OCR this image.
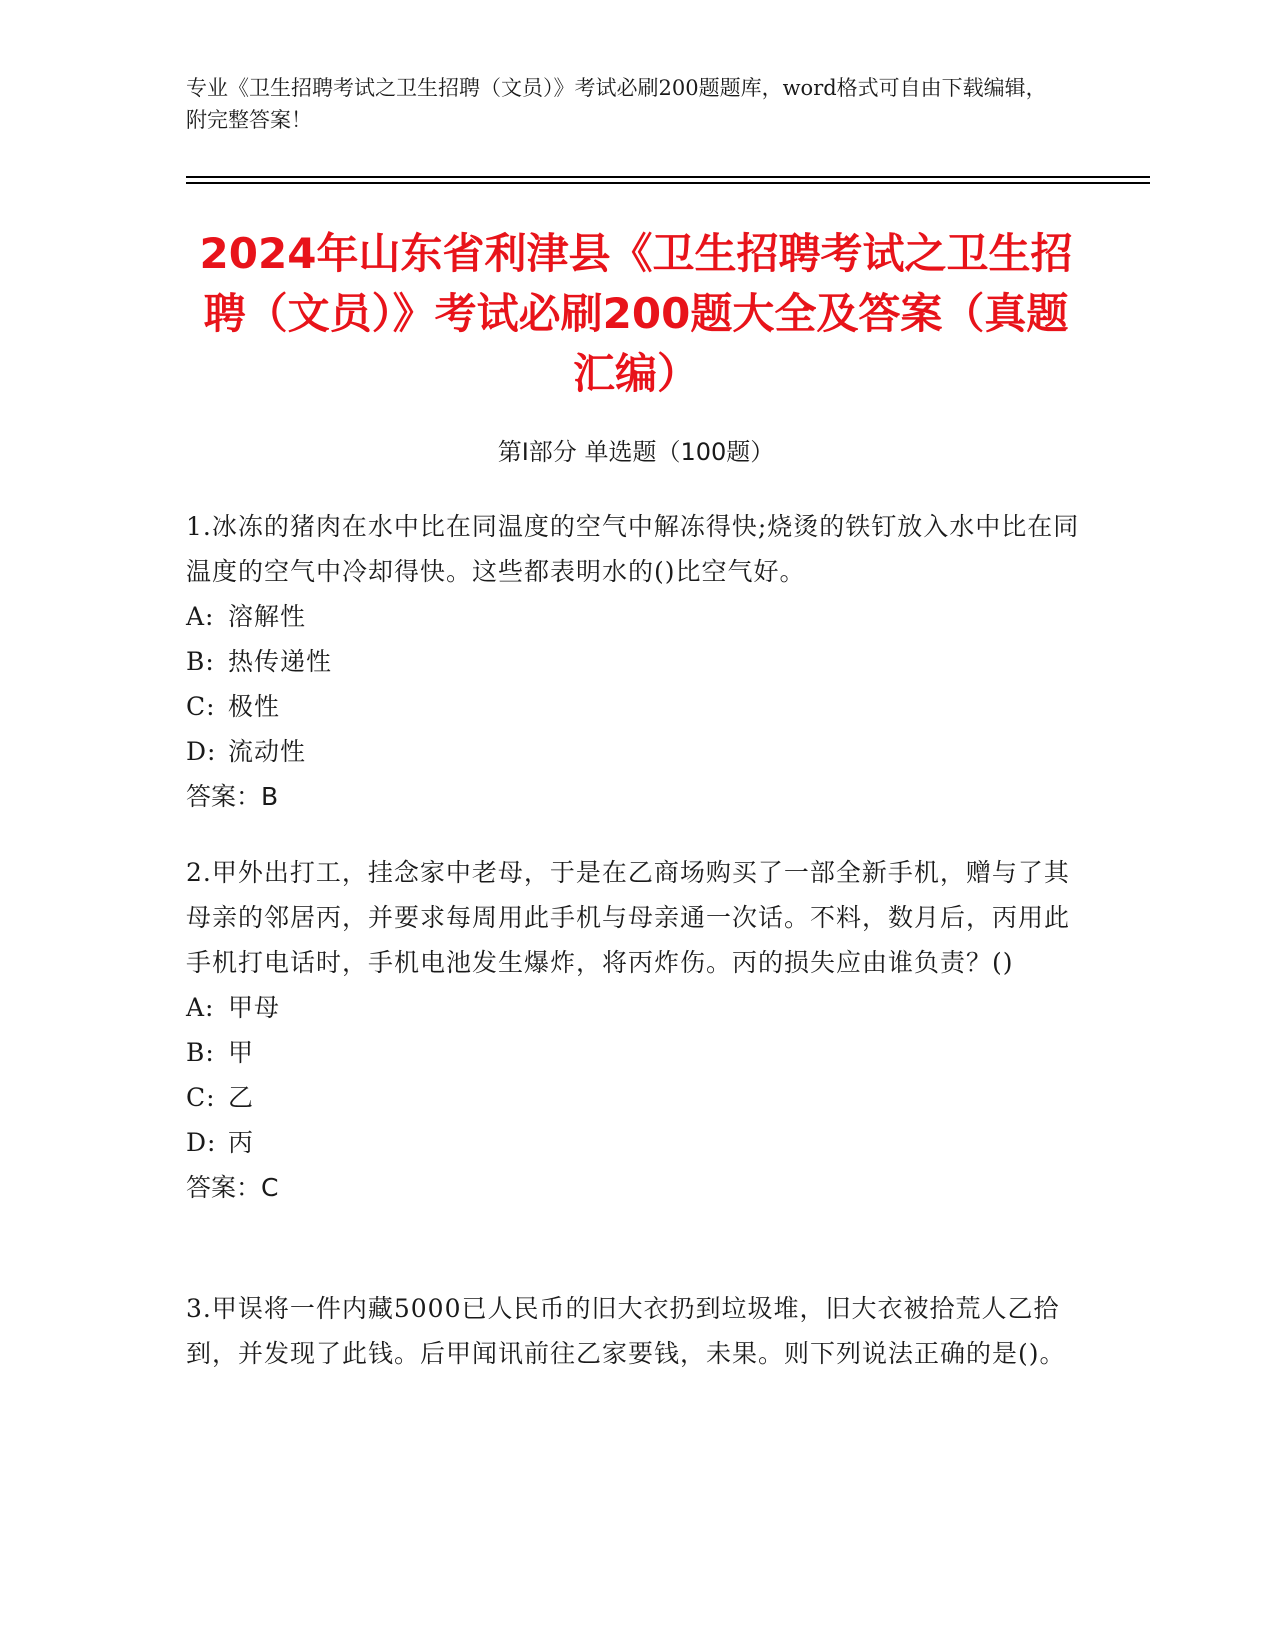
专业《卫生招聘考试之卫生招聘（文员）》考试必刷200题题库，word格式可自由下载编辑，附完整答案！
2024年山东省利津县《卫生招聘考试之卫生招聘（文员）》考试必刷200题大全及答案（真题汇编）
第I部分 单选题（100题）
1.冰冻的猪肉在水中比在同温度的空气中解冻得快;烧烫的铁钉放入水中比在同温度的空气中冷却得快。这些都表明水的()比空气好。
A: 溶解性
B: 热传递性
C: 极性
D: 流动性
答案：B
2.甲外出打工，挂念家中老母，于是在乙商场购买了一部全新手机，赠与了其母亲的邻居丙，并要求每周用此手机与母亲通一次话。不料，数月后，丙用此手机打电话时，手机电池发生爆炸，将丙炸伤。丙的损失应由谁负责？()
A: 甲母
B: 甲
C: 乙
D: 丙
答案：C
3.甲误将一件内藏5000已人民币的旧大衣扔到垃圾堆，旧大衣被拾荒人乙拾到，并发现了此钱。后甲闻讯前往乙家要钱，未果。则下列说法正确的是()。
